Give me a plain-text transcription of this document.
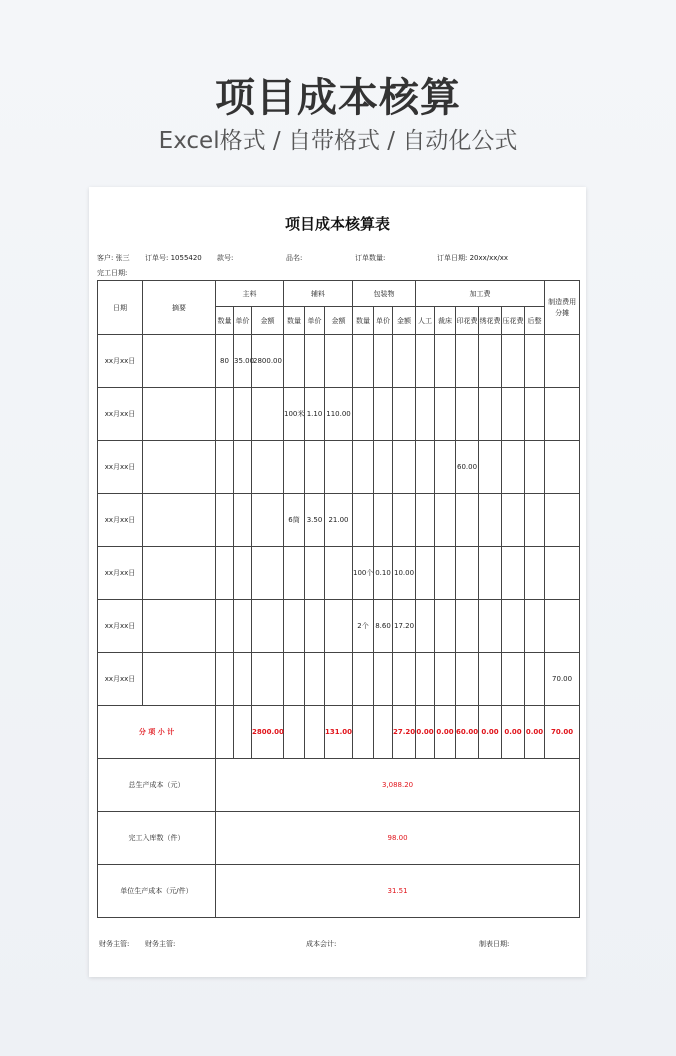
项目成本核算
Excel格式 / 自带格式 / 自动化公式
项目成本核算表
客户: 张三 订单号: 1055420 款号:	品名:	订单数量:	订单日期: 20xx/xx/xx
完工日期:
日期	摘要	主料			辅料			包装物			加工费						制造费用分摊
		数量	单价	金额	数量	单价	金额	数量	单价	金额	人工	裁床	印花费	绣花费	压花费	后整	
xx月xx日		80	35.00	2800.00													
xx月xx日					100米	1.10	110.00										
xx月xx日													60.00				
xx月xx日					6筒	3.50	21.00										
xx月xx日								100个	0.10	10.00							
xx月xx日								2个	8.60	17.20							
xx月xx日																	70.00
分 项 小 计				2800.00			131.00			27.20	0.00	0.00	60.00	0.00	0.00	0.00	70.00
总生产成本（元）		3,088.20															
完工入库数（件）		98.00															
单位生产成本（元/件）		31.51															
财务主管: 财务主管:	成本会计:	制表日期:
